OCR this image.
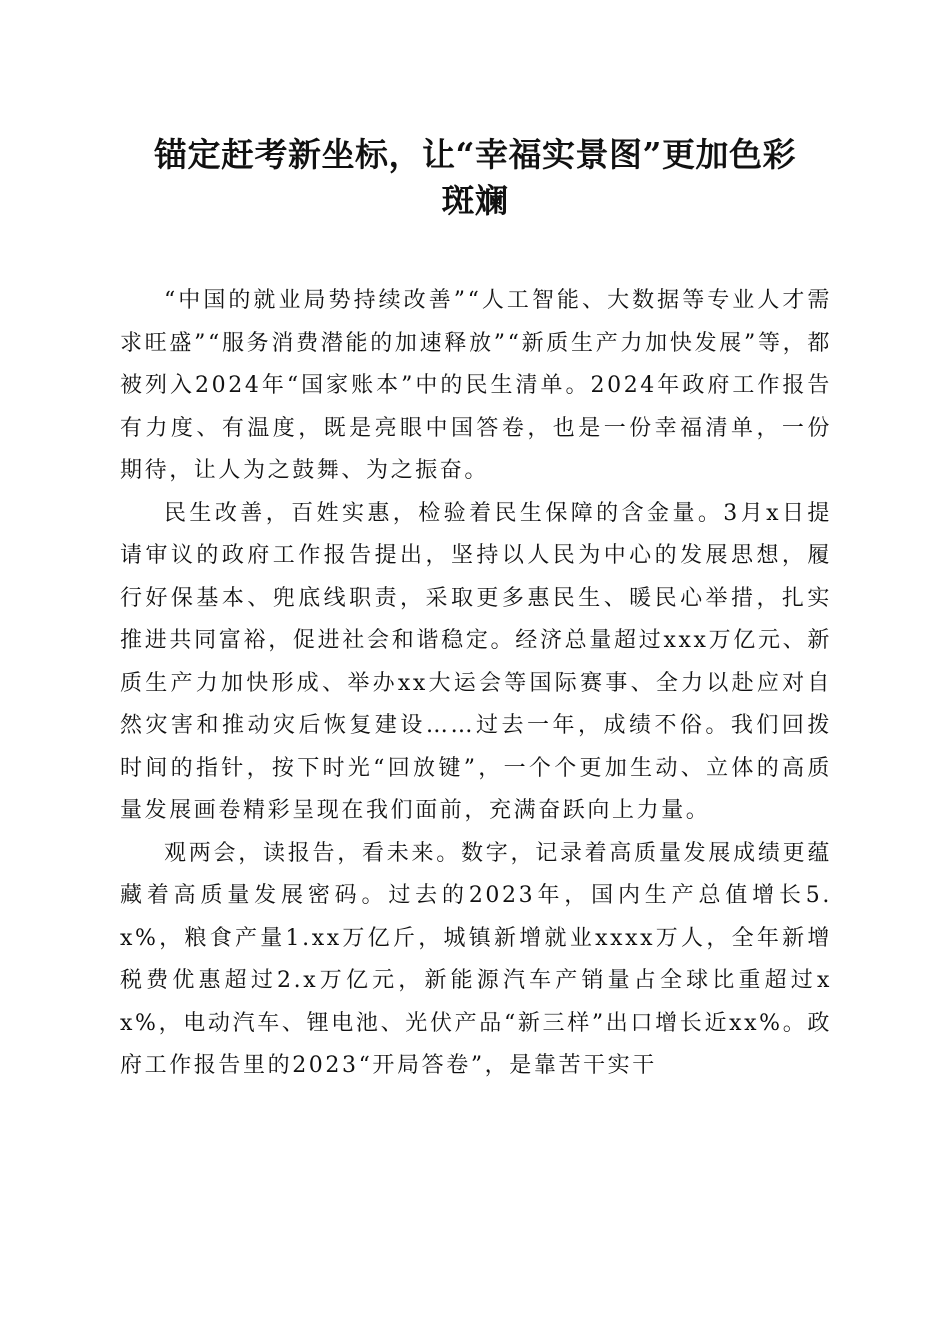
锚定赶考新坐标，让“幸福实景图”更加色彩
斑斓

“中国的就业局势持续改善”“人工智能、大数据等专业人才需求旺盛”“服务消费潜能的加速释放”“新质生产力加快发展”等，都被列入2024年“国家账本”中的民生清单。2024年政府工作报告有力度、有温度，既是亮眼中国答卷，也是一份幸福清单，一份期待，让人为之鼓舞、为之振奋。

民生改善，百姓实惠，检验着民生保障的含金量。3月x日提请审议的政府工作报告提出，坚持以人民为中心的发展思想，履行好保基本、兜底线职责，采取更多惠民生、暖民心举措，扎实推进共同富裕，促进社会和谐稳定。经济总量超过xxx万亿元、新质生产力加快形成、举办xx大运会等国际赛事、全力以赴应对自然灾害和推动灾后恢复建设……过去一年，成绩不俗。我们回拨时间的指针，按下时光“回放键”，一个个更加生动、立体的高质量发展画卷精彩呈现在我们面前，充满奋跃向上力量。

观两会，读报告，看未来。数字，记录着高质量发展成绩更蕴藏着高质量发展密码。过去的2023年，国内生产总值增长5.x%，粮食产量1.xx万亿斤，城镇新增就业xxxx万人，全年新增税费优惠超过2.x万亿元，新能源汽车产销量占全球比重超过xx%，电动汽车、锂电池、光伏产品“新三样”出口增长近xx%。政府工作报告里的2023“开局答卷”，是靠苦干实干
